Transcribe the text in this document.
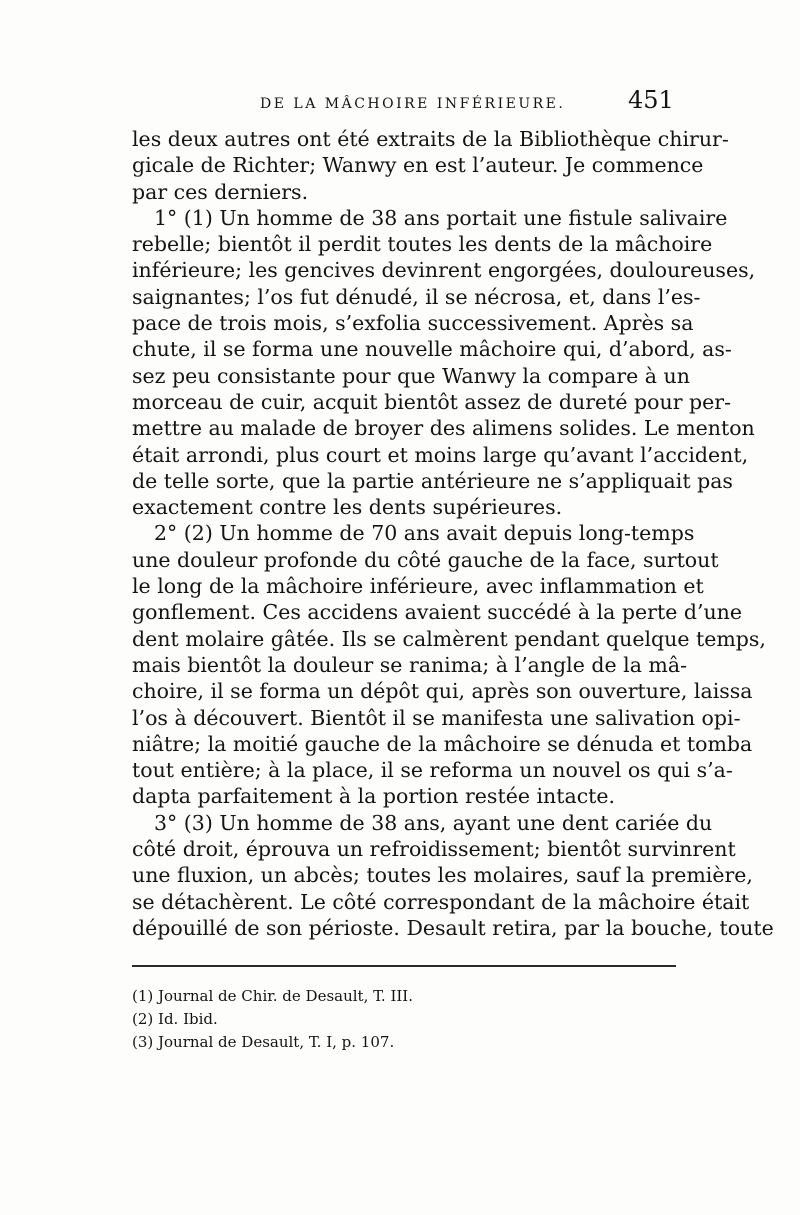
DE LA MÂCHOIRE INFÉRIEURE.	451
les deux autres ont été extraits de la Bibliothèque chirur-
gicale de Richter; Wanwy en est l’auteur. Je commence
par ces derniers.
1° (1) Un homme de 38 ans portait une fistule salivaire
rebelle; bientôt il perdit toutes les dents de la mâchoire
inférieure; les gencives devinrent engorgées, douloureuses,
saignantes; l’os fut dénudé, il se nécrosa, et, dans l’es-
pace de trois mois, s’exfolia successivement. Après sa
chute, il se forma une nouvelle mâchoire qui, d’abord, as-
sez peu consistante pour que Wanwy la compare à un
morceau de cuir, acquit bientôt assez de dureté pour per-
mettre au malade de broyer des alimens solides. Le menton
était arrondi, plus court et moins large qu’avant l’accident,
de telle sorte, que la partie antérieure ne s’appliquait pas
exactement contre les dents supérieures.
2° (2) Un homme de 70 ans avait depuis long-temps
une douleur profonde du côté gauche de la face, surtout
le long de la mâchoire inférieure, avec inflammation et
gonflement. Ces accidens avaient succédé à la perte d’une
dent molaire gâtée. Ils se calmèrent pendant quelque temps,
mais bientôt la douleur se ranima; à l’angle de la mâ-
choire, il se forma un dépôt qui, après son ouverture, laissa
l’os à découvert. Bientôt il se manifesta une salivation opi-
niâtre; la moitié gauche de la mâchoire se dénuda et tomba
tout entière; à la place, il se reforma un nouvel os qui s’a-
dapta parfaitement à la portion restée intacte.
3° (3) Un homme de 38 ans, ayant une dent cariée du
côté droit, éprouva un refroidissement; bientôt survinrent
une fluxion, un abcès; toutes les molaires, sauf la première,
se détachèrent. Le côté correspondant de la mâchoire était
dépouillé de son périoste. Desault retira, par la bouche, toute
(1) Journal de Chir. de Desault, T. III.
(2) Id. Ibid.
(3) Journal de Desault, T. I, p. 107.
